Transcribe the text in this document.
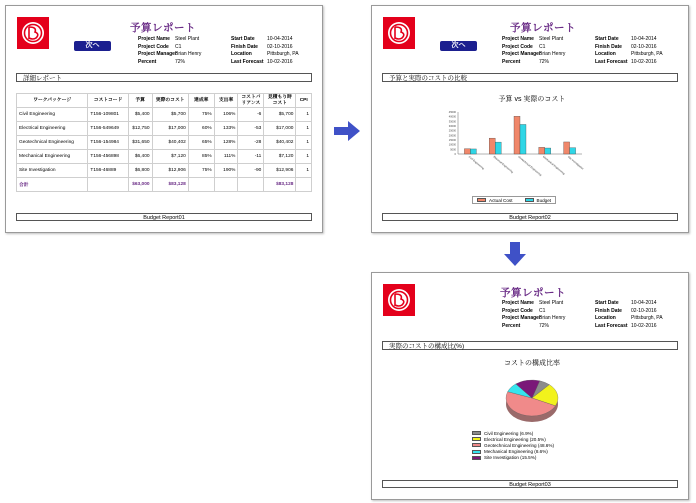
次へ
予算レポート
Project Name Steel Plant	Start Date 10-04-2014
Project Code C1	Finish Date 02-10-2016
Project ManagerBrian Henry	Location	Pittsburgh, PA
Percent	72%	Last Forecast 10-02-2016
詳細レポート
ワークパッケージ	コストコード	予算	実際のコスト	達成率	支出率	コストバリアンス	見積もり時コスト	CPI
Civil Engineering	T156-109801	$5,400	$5,700	75%	106%	-6	$5,700	1
Electrical Engineering	T156-549649	$12,750	$17,000	60%	133%	-53	$17,000	1
Geotechnical Engineering	T156-154984	$31,650	$40,402	65%	128%	-28	$40,402	1
Mechanical Engineering	T156-456898	$6,400	$7,120	85%	111%	-11	$7,120	1
Site Investigation	T156-46889	$6,800	$12,906	75%	190%	-90	$12,906	1
合計		$63,000	$83,128				$83,128	
Budget Report01
次へ
予算レポート
Project Name Steel Plant	Start Date 10-04-2014
Project Code C1	Finish Date 02-10-2016
Project ManagerBrian Henry	Location	Pittsburgh, PA
Percent	72%	Last Forecast 10-02-2016
予算と実際のコストの比較
予算 vs 実際のコスト
45000
40000
35000
30000
25000
20000
15000
10000
5000
0
Civil Engineering	Electrical Engineering	Geotechnical Engineering Mechanical Engineering Site Investigation
Actual Cost	Budget
Budget Report02
予算レポート
Project Name Steel Plant	Start Date 10-04-2014
Project Code C1	Finish Date 02-10-2016
Project ManagerBrian Henry	Location	Pittsburgh, PA
Percent	72%	Last Forecast 10-02-2016
実際のコストの構成比(%)
コストの構成比率
Civil Engineering (6.9%)
Electrical Engineering (20.5%)
Geotechnical Engineering (48.6%)
Mechanical Engineering (8.6%)
Site Investigation (15.5%)
Budget Report03
